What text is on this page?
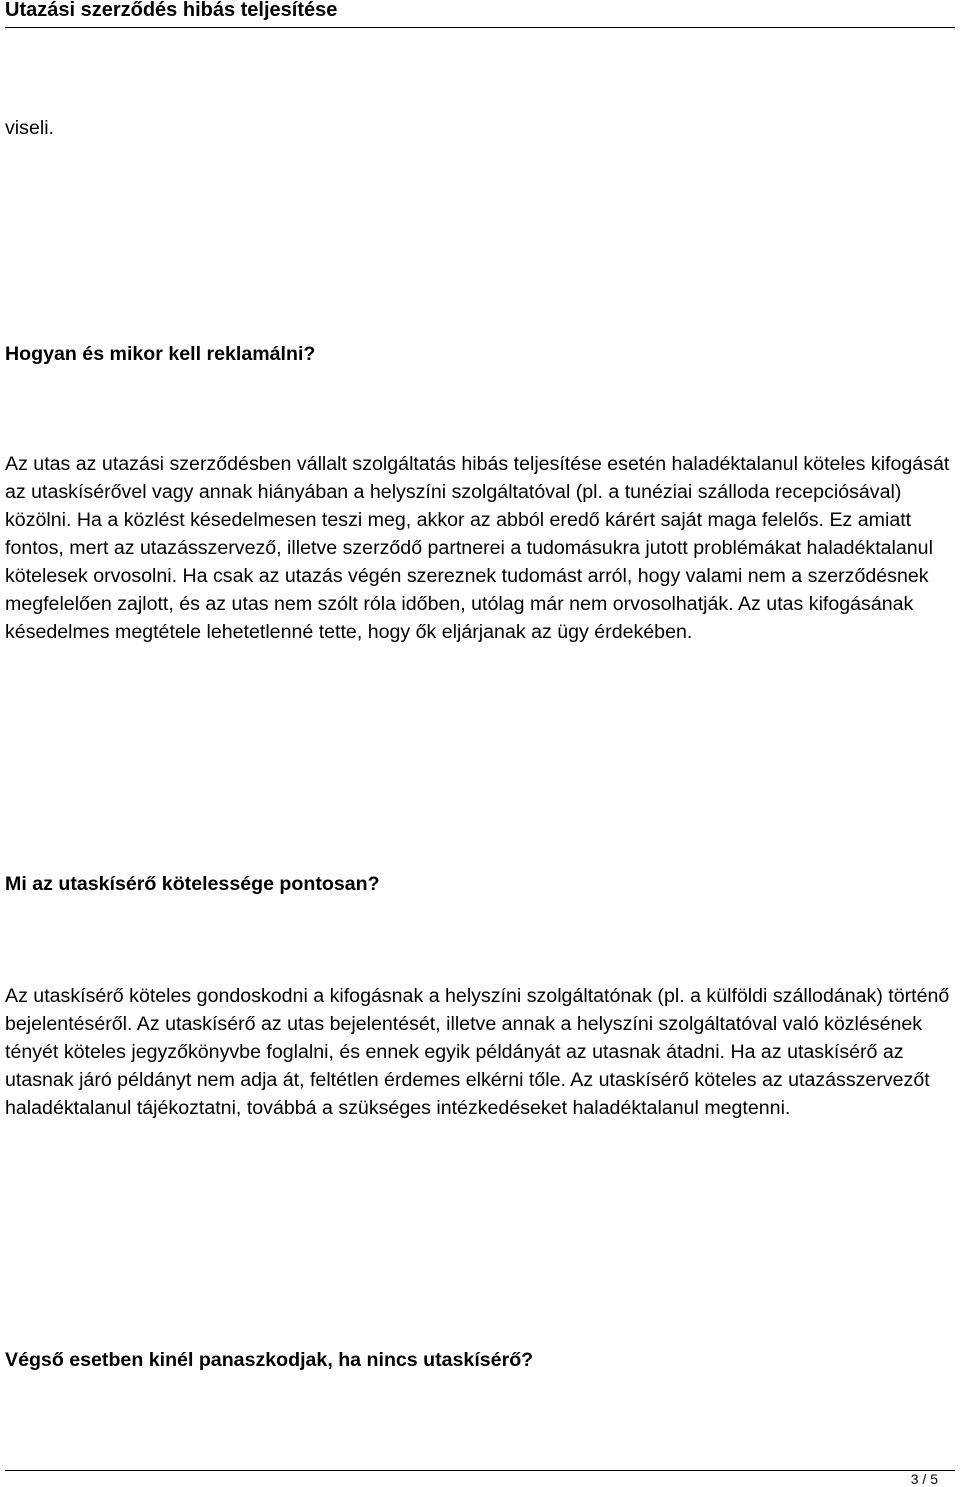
Utazási szerződés hibás teljesítése

viseli.

Hogyan és mikor kell reklamálni?

Az utas az utazási szerződésben vállalt szolgáltatás hibás teljesítése esetén haladéktalanul köteles kifogását az utaskísérővel vagy annak hiányában a helyszíni szolgáltatóval (pl. a tunéziai szálloda recepciósával) közölni. Ha a közlést késedelmesen teszi meg, akkor az abból eredő kárért saját maga felelős. Ez amiatt fontos, mert az utazásszervező, illetve szerződő partnerei a tudomásukra jutott problémákat haladéktalanul kötelesek orvosolni. Ha csak az utazás végén szereznek tudomást arról, hogy valami nem a szerződésnek megfelelően zajlott, és az utas nem szólt róla időben, utólag már nem orvosolhatják. Az utas kifogásának késedelmes megtétele lehetetlenné tette, hogy ők eljárjanak az ügy érdekében.

Mi az utaskísérő kötelessége pontosan?

Az utaskísérő köteles gondoskodni a kifogásnak a helyszíni szolgáltatónak (pl. a külföldi szállodának) történő bejelentéséről. Az utaskísérő az utas bejelentését, illetve annak a helyszíni szolgáltatóval való közlésének tényét köteles jegyzőkönyvbe foglalni, és ennek egyik példányát az utasnak átadni. Ha az utaskísérő az utasnak járó példányt nem adja át, feltétlen érdemes elkérni tőle. Az utaskísérő köteles az utazásszervezőt haladéktalanul tájékoztatni, továbbá a szükséges intézkedéseket haladéktalanul megtenni.

Végső esetben kinél panaszkodjak, ha nincs utaskísérő?

3 / 5
